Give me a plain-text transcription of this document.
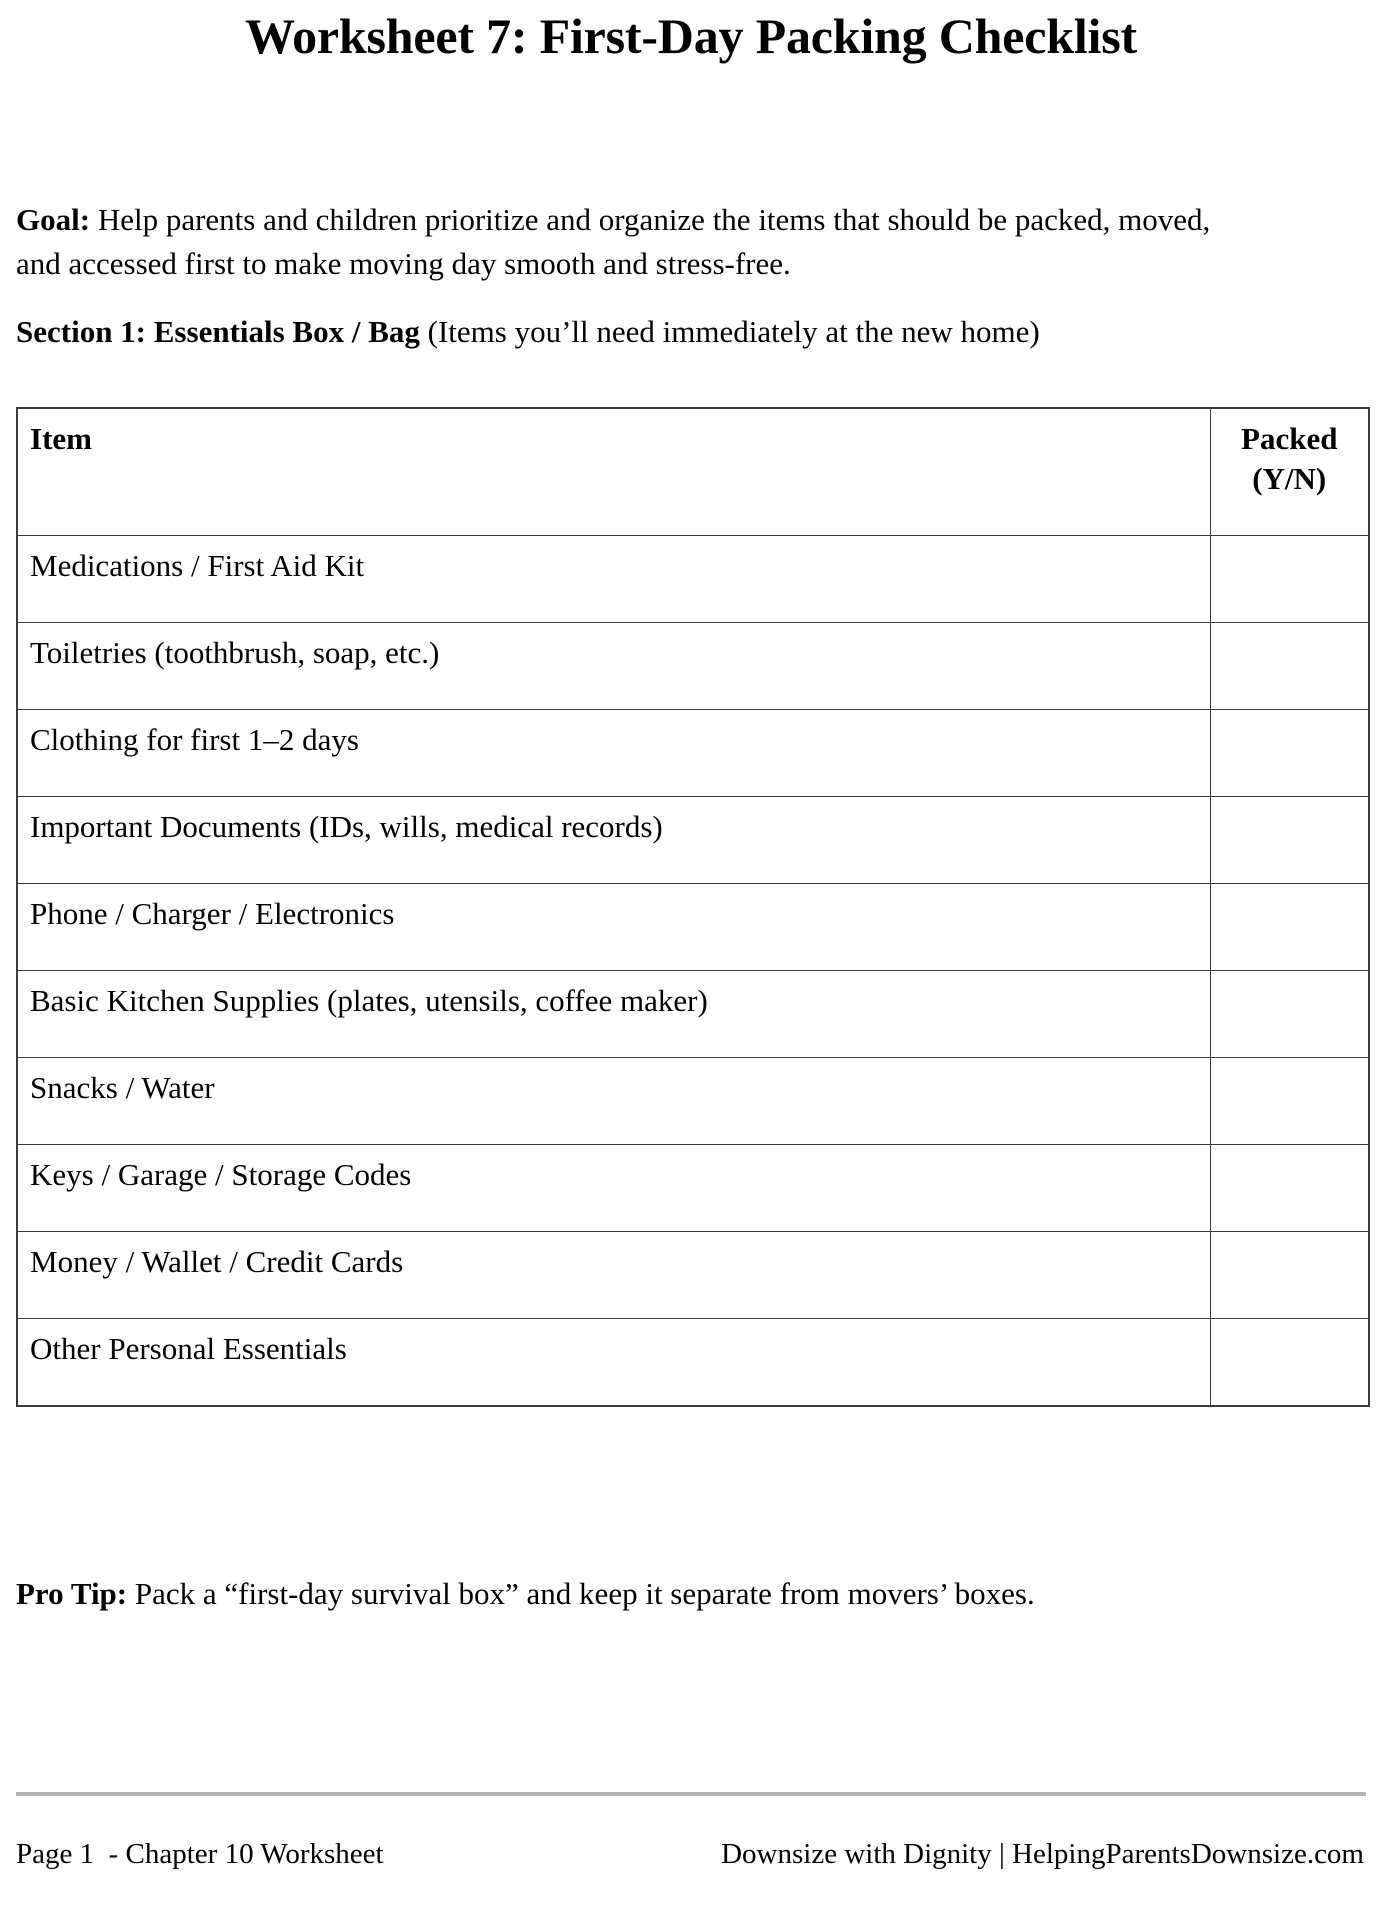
Worksheet 7: First-Day Packing Checklist

Goal: Help parents and children prioritize and organize the items that should be packed, moved, and accessed first to make moving day smooth and stress-free.

Section 1: Essentials Box / Bag (Items you’ll need immediately at the new home)

Item	Packed
(Y/N)
Medications / First Aid Kit	
Toiletries (toothbrush, soap, etc.)	
Clothing for first 1–2 days	
Important Documents (IDs, wills, medical records)	
Phone / Charger / Electronics	
Basic Kitchen Supplies (plates, utensils, coffee maker)	
Snacks / Water	
Keys / Garage / Storage Codes	
Money / Wallet / Credit Cards	
Other Personal Essentials	

Pro Tip: Pack a “first-day survival box” and keep it separate from movers’ boxes.

Page 1  - Chapter 10 Worksheet	Downsize with Dignity | HelpingParentsDownsize.com
